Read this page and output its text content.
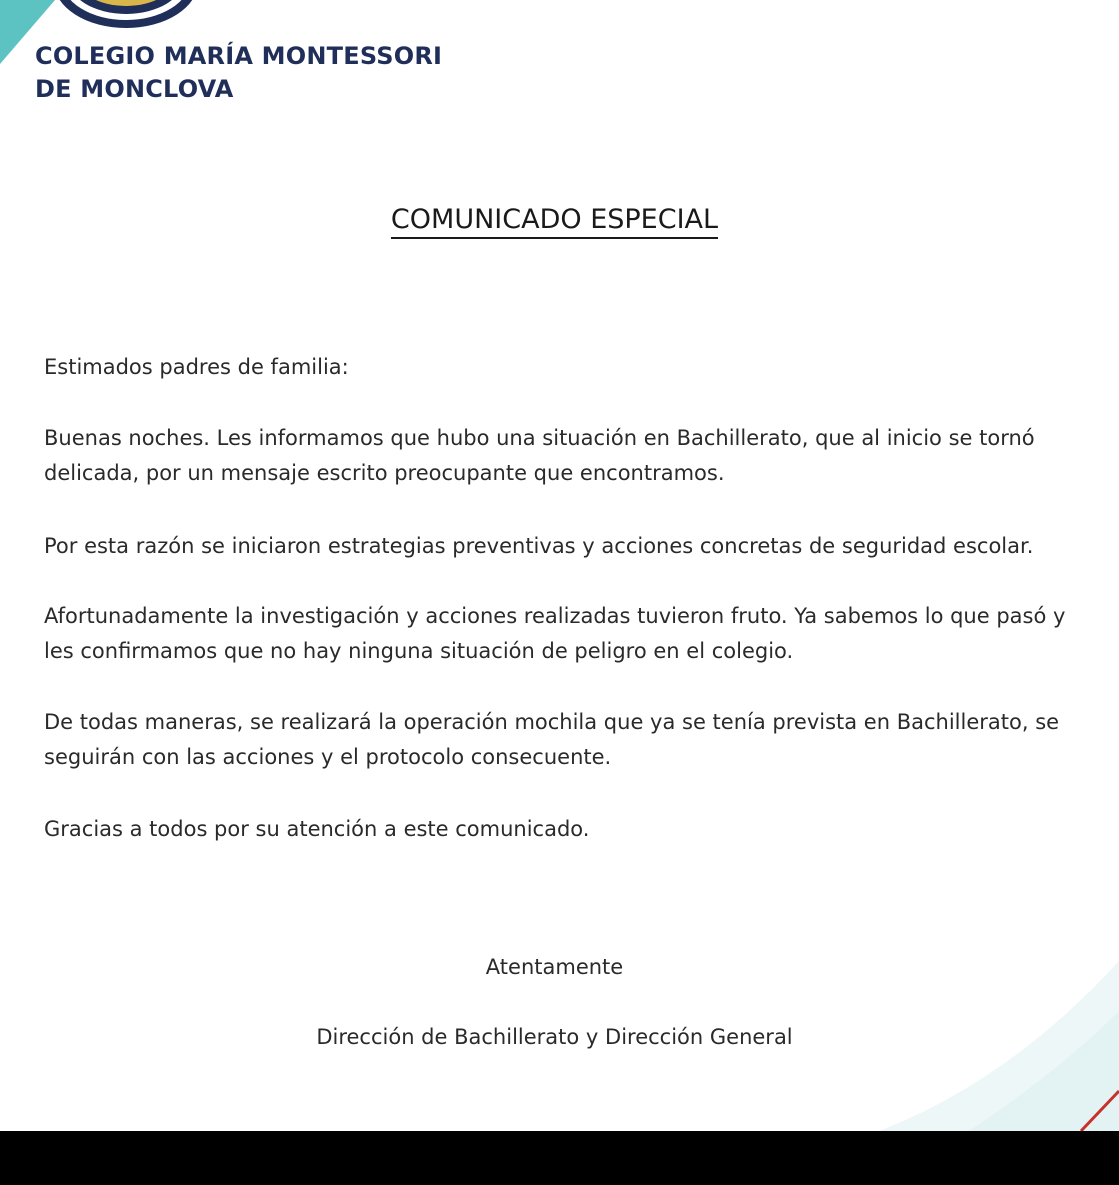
COLEGIO MARÍA MONTESSORI
DE MONCLOVA
COMUNICADO ESPECIAL
Estimados padres de familia:
Buenas noches. Les informamos que hubo una situación en Bachillerato, que al inicio se tornó delicada, por un mensaje escrito preocupante que encontramos.
Por esta razón se iniciaron estrategias preventivas y acciones concretas de seguridad escolar.
Afortunadamente la investigación y acciones realizadas tuvieron fruto. Ya sabemos lo que pasó y les confirmamos que no hay ninguna situación de peligro en el colegio.
De todas maneras, se realizará la operación mochila que ya se tenía prevista en Bachillerato, se seguirán con las acciones y el protocolo consecuente.
Gracias a todos por su atención a este comunicado.
Atentamente
Dirección de Bachillerato y Dirección General
